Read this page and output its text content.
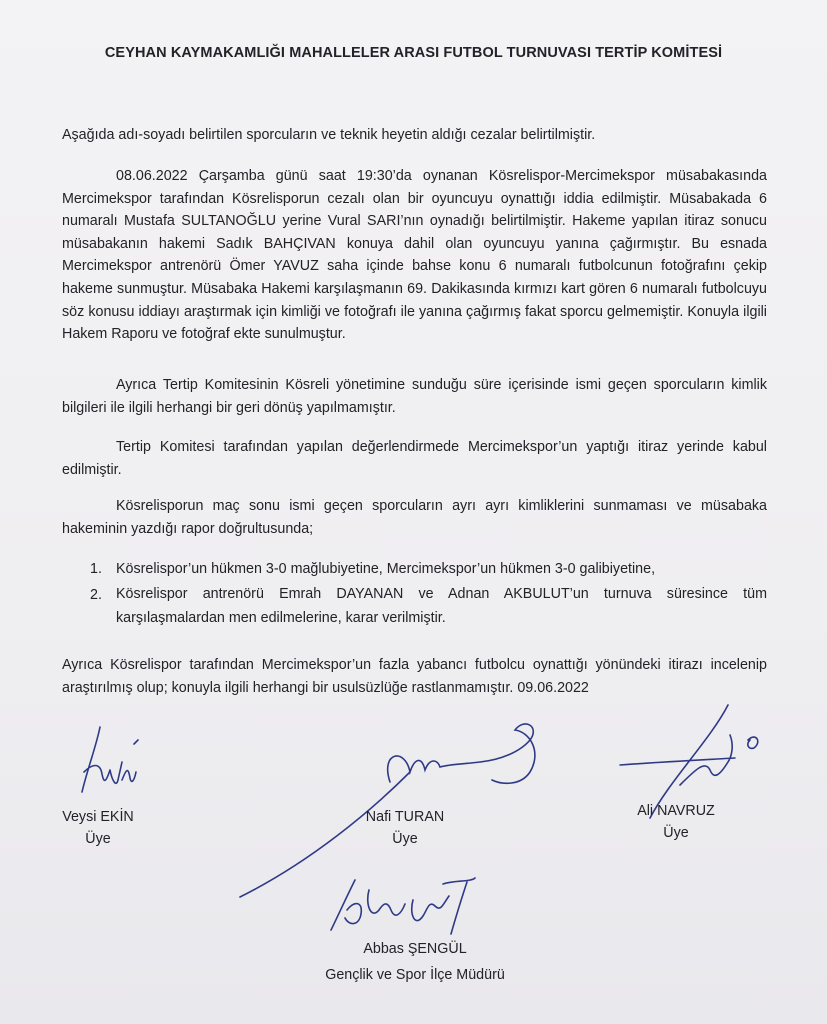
CEYHAN KAYMAKAMLIĞI MAHALLELER ARASI FUTBOL TURNUVASI TERTİP KOMİTESİ
Aşağıda adı-soyadı belirtilen sporcuların ve teknik heyetin aldığı cezalar belirtilmiştir.
08.06.2022 Çarşamba günü saat 19:30’da oynanan Kösrelispor-Mercimekspor müsabakasında Mercimekspor tarafından Kösrelisporun cezalı olan bir oyuncuyu oynattığı iddia edilmiştir. Müsabakada 6 numaralı Mustafa SULTANOĞLU yerine Vural SARI’nın oynadığı belirtilmiştir. Hakeme yapılan itiraz sonucu müsabakanın hakemi Sadık BAHÇIVAN konuya dahil olan oyuncuyu yanına çağırmıştır. Bu esnada Mercimekspor antrenörü Ömer YAVUZ saha içinde bahse konu 6 numaralı futbolcunun fotoğrafını çekip hakeme sunmuştur. Müsabaka Hakemi karşılaşmanın 69. Dakikasında kırmızı kart gören 6 numaralı futbolcuyu söz konusu iddiayı araştırmak için kimliği ve fotoğrafı ile yanına çağırmış fakat sporcu gelmemiştir. Konuyla ilgili Hakem Raporu ve fotoğraf ekte sunulmuştur.
Ayrıca Tertip Komitesinin Kösreli yönetimine sunduğu süre içerisinde ismi geçen sporcuların kimlik bilgileri ile ilgili herhangi bir geri dönüş yapılmamıştır.
Tertip Komitesi tarafından yapılan değerlendirmede Mercimekspor’un yaptığı itiraz yerinde kabul edilmiştir.
Kösrelisporun maç sonu ismi geçen sporcuların ayrı ayrı kimliklerini sunmaması ve müsabaka hakeminin yazdığı rapor doğrultusunda;
1. Kösrelispor’un hükmen 3-0 mağlubiyetine, Mercimekspor’un hükmen 3-0 galibiyetine,
2. Kösrelispor antrenörü Emrah DAYANAN ve Adnan AKBULUT’un turnuva süresince tüm karşılaşmalardan men edilmelerine, karar verilmiştir.
Ayrıca Kösrelispor tarafından Mercimekspor’un fazla yabancı futbolcu oynattığı yönündeki itirazı incelenip araştırılmış olup; konuyla ilgili herhangi bir usulsüzlüğe rastlanmamıştır. 09.06.2022
Veysi EKİN
Üye
Nafi TURAN
Üye
Ali NAVRUZ
Üye
Abbas ŞENGÜL
Gençlik ve Spor İlçe Müdürü
